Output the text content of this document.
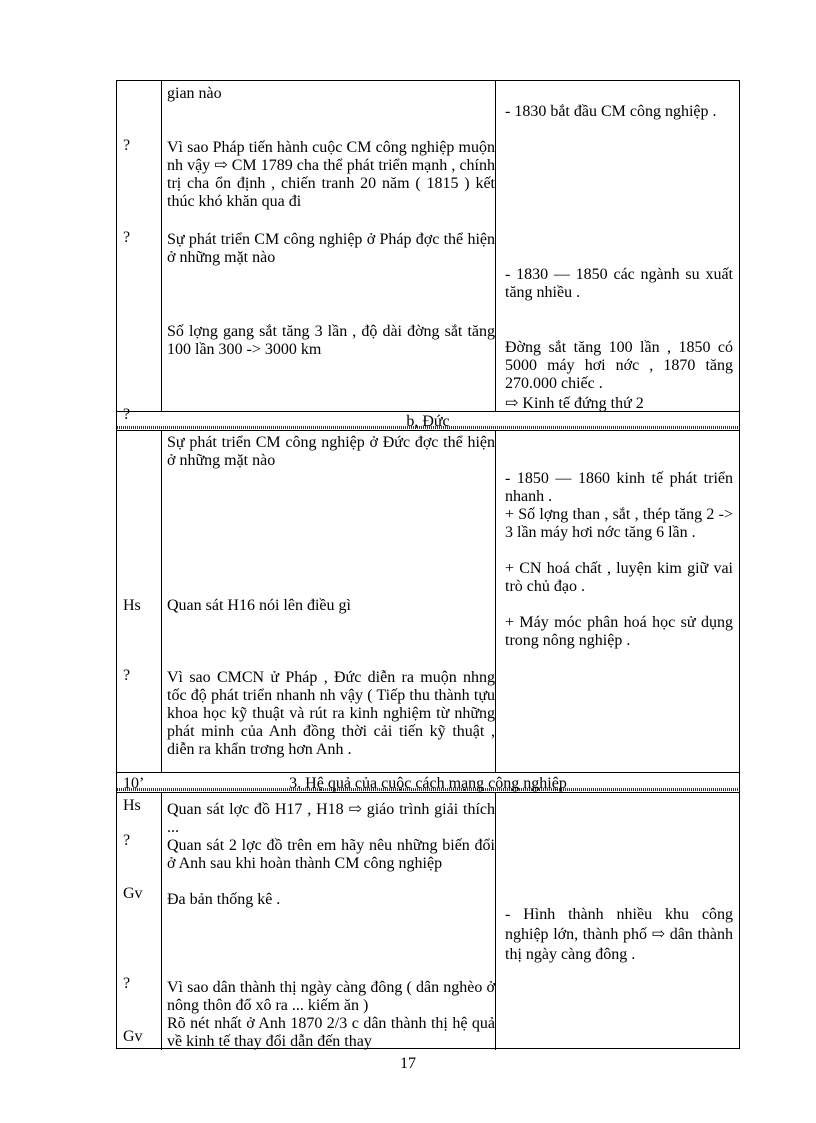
?
?
?
Hs
?
10’
Hs
?
Gv
?
Gv
gian nào
Vì sao Pháp tiến hành cuộc CM công nghiệp muộn nh vậy ⇨ CM 1789 cha thể phát triển mạnh , chính trị cha ổn định , chiến tranh 20 năm ( 1815 ) kết thúc khó khăn qua đi
Sự phát triển CM công nghiệp ở Pháp đợc thể hiện ở những mặt nào
Số lợng gang sắt tăng 3 lần , độ dài đờng sắt tăng 100 lần 300 -> 3000 km
Sự phát triển CM công nghiệp ở Đức đợc thể hiện ở những mặt nào
Quan sát H16 nói lên điều gì
Vì sao CMCN ử Pháp , Đức diễn ra muộn nhng tốc độ phát triển nhanh nh vậy ( Tiếp thu thành tựu khoa học kỹ thuật và rút ra kinh nghiệm từ những phát minh của Anh đồng thời cải tiến kỹ thuật , diễn ra khẩn trơng hơn Anh .
Quan sát lợc đồ H17 , H18 ⇨ giáo trình giải thích ...
Quan sát 2 lợc đồ trên em hãy nêu những biến đổi ở Anh sau khi hoàn thành CM công nghiệp
Đa bản thống kê .
Vì sao dân thành thị ngày càng đông ( dân nghèo ở nông thôn đổ xô ra ... kiếm ăn )
Rõ nét nhất ở Anh 1870 2/3 c dân thành thị hệ quả về kinh tế thay đổi dẫn đến thay
- 1830 bắt đầu CM công nghiệp .
- 1830 — 1850 các ngành su xuất tăng nhiều .
Đờng sắt tăng 100 lần , 1850 có 5000 máy hơi nớc , 1870 tăng 270.000 chiếc .
⇨ Kinh tế đứng thứ 2
- 1850 — 1860 kinh tế phát triển nhanh .
+ Số lợng than , sắt , thép tăng 2 -> 3 lần máy hơi nớc tăng 6 lần .
+ CN hoá chất , luyện kim giữ vai trò chủ đạo .
+ Máy móc phân hoá học sử dụng trong nông nghiệp .
- Hình thành nhiều khu công nghiệp lớn, thành phố ⇨ dân thành thị ngày càng đông .
b, Đức
3. Hệ quả của cuộc cách mạng công nghiệp
17
